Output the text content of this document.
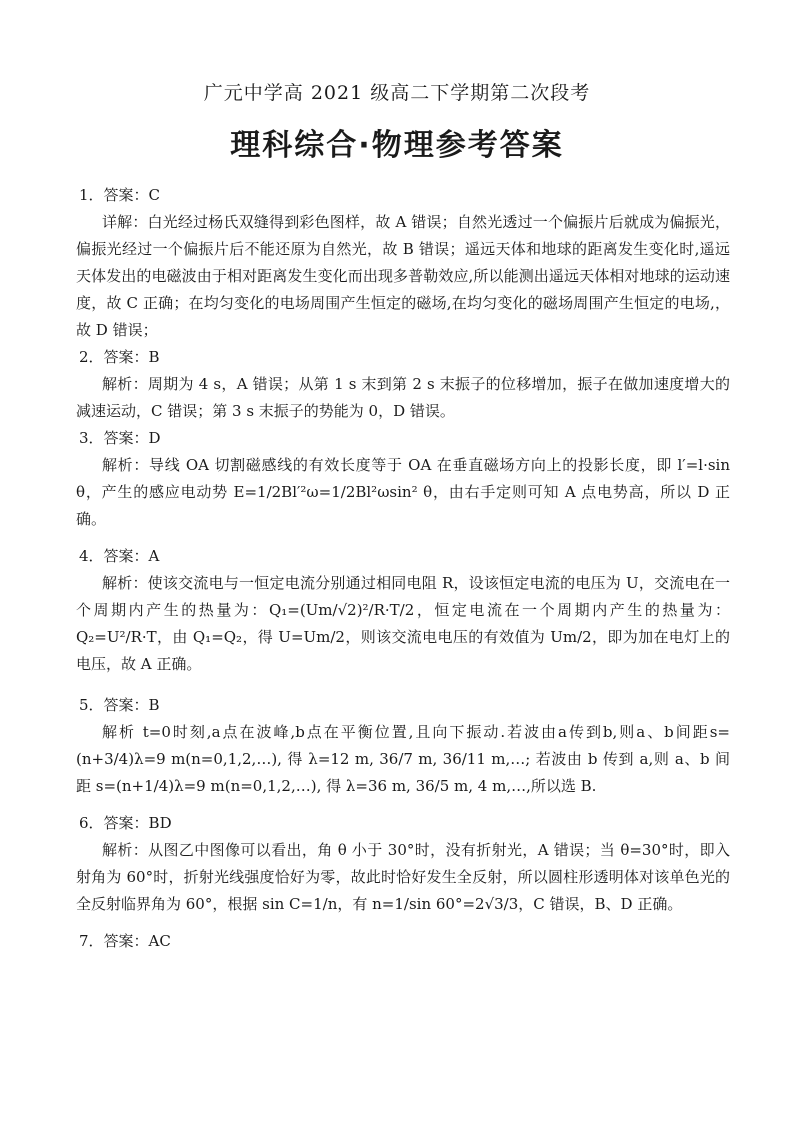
广元中学高 2021 级高二下学期第二次段考
理科综合·物理参考答案

1．答案：C

详解：白光经过杨氏双缝得到彩色图样，故 A 错误；自然光透过一个偏振片后就成为偏振光，偏振光经过一个偏振片后不能还原为自然光，故 B 错误；遥远天体和地球的距离发生变化时,遥远天体发出的电磁波由于相对距离发生变化而出现多普勒效应,所以能测出遥远天体相对地球的运动速度，故 C 正确；在均匀变化的电场周围产生恒定的磁场,在均匀变化的磁场周围产生恒定的电场,，故 D 错误；

2．答案：B

解析：周期为 4 s，A 错误；从第 1 s 末到第 2 s 末振子的位移增加，振子在做加速度增大的减速运动，C 错误；第 3 s 末振子的势能为 0，D 错误。

3．答案：D

解析：导线 OA 切割磁感线的有效长度等于 OA 在垂直磁场方向上的投影长度，即 l′=l·sin θ，产生的感应电动势 E=1/2Bl′²ω=1/2Bl²ωsin² θ，由右手定则可知 A 点电势高，所以 D 正确。

4．答案：A

解析：使该交流电与一恒定电流分别通过相同电阻 R，设该恒定电流的电压为 U，交流电在一个周期内产生的热量为：Q₁=(Um/√2)²/R·T/2，恒定电流在一个周期内产生的热量为：Q₂=U²/R·T，由 Q₁=Q₂，得 U=Um/2，则该交流电电压的有效值为 Um/2，即为加在电灯上的电压，故 A 正确。

5．答案：B

解析 t=0时刻,a点在波峰,b点在平衡位置,且向下振动.若波由a传到b,则a、b间距s=(n+3/4)λ=9 m(n=0,1,2,…), 得 λ=12 m, 36/7 m, 36/11 m,…; 若波由 b 传到 a,则 a、b 间距 s=(n+1/4)λ=9 m(n=0,1,2,…), 得 λ=36 m, 36/5 m, 4 m,…,所以选 B.

6．答案：BD

解析：从图乙中图像可以看出，角 θ 小于 30°时，没有折射光，A 错误；当 θ=30°时，即入射角为 60°时，折射光线强度恰好为零，故此时恰好发生全反射，所以圆柱形透明体对该单色光的全反射临界角为 60°，根据 sin C=1/n，有 n=1/sin 60°=2√3/3，C 错误，B、D 正确。

7．答案：AC
